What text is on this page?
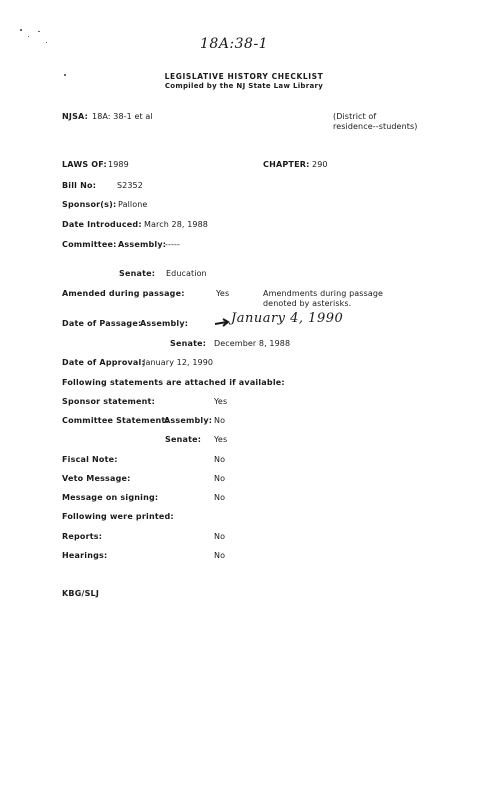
18A:38-1
LEGISLATIVE HISTORY CHECKLIST
Compiled by the NJ State Law Library
NJSA: 18A: 38-1 et al	(District of
residence--students)
LAWS OF: 1989	CHAPTER: 290
Bill No:	S2352
Sponsor(s): Pallone
Date Introduced: March 28, 1988
Committee: Assembly:
-----
Senate: Education
Amended during passage:	Yes	Amendments during passage
denoted by asterisks.
Date of Passage:
Assembly:	January 4, 1990
Senate: December 8, 1988
Date of Approval:
January 12, 1990
Following statements are attached if available:
Sponsor statement:	Yes
Committee Statement:
Assembly: No
Senate: Yes
Fiscal Note:	No
Veto Message:	No
Message on signing:	No
Following were printed:
Reports:	No
Hearings:	No
KBG/SLJ
